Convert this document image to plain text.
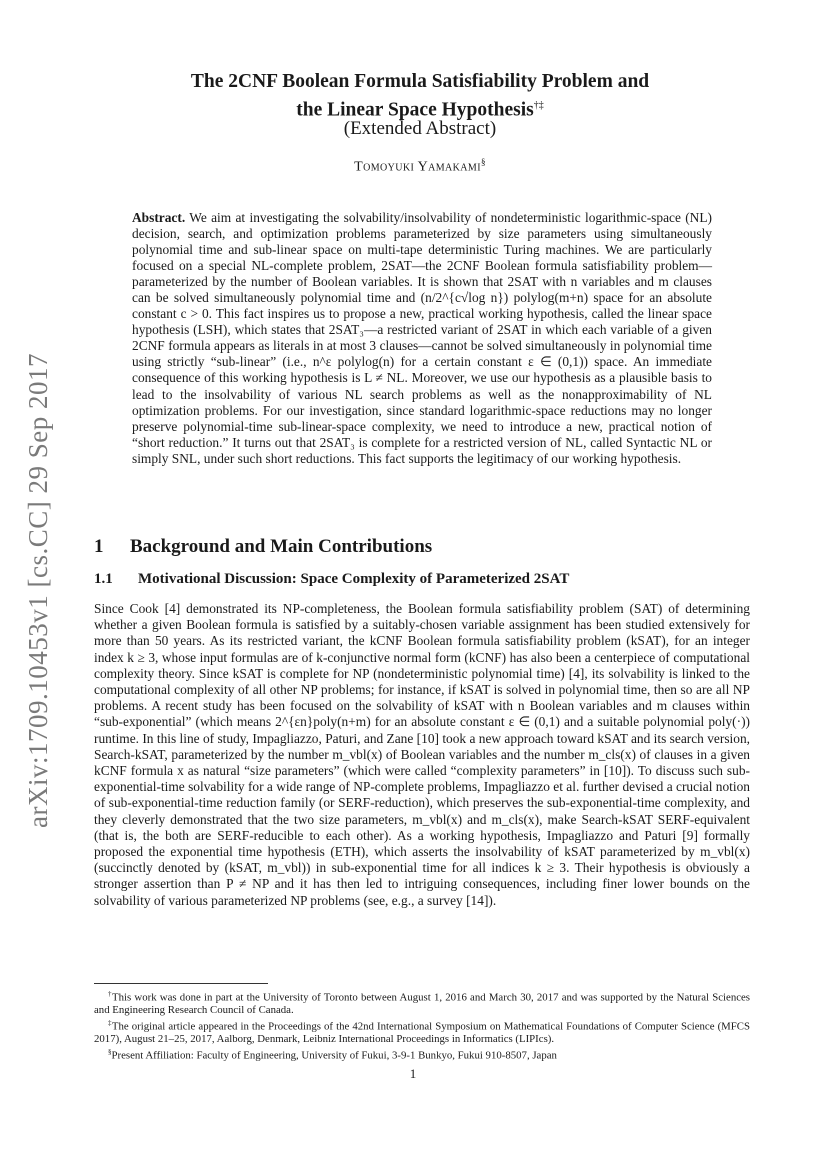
arXiv:1709.10453v1 [cs.CC] 29 Sep 2017
The 2CNF Boolean Formula Satisfiability Problem and
the Linear Space Hypothesis†‡
(Extended Abstract)
Tomoyuki Yamakami§
Abstract. We aim at investigating the solvability/insolvability of nondeterministic logarithmic-space (NL) decision, search, and optimization problems parameterized by size parameters using simultaneously polynomial time and sub-linear space on multi-tape deterministic Turing machines. We are particularly focused on a special NL-complete problem, 2SAT—the 2CNF Boolean formula satisfiability problem—parameterized by the number of Boolean variables. It is shown that 2SAT with n variables and m clauses can be solved simultaneously polynomial time and (n/2^{c√log n}) polylog(m+n) space for an absolute constant c > 0. This fact inspires us to propose a new, practical working hypothesis, called the linear space hypothesis (LSH), which states that 2SAT₃—a restricted variant of 2SAT in which each variable of a given 2CNF formula appears as literals in at most 3 clauses—cannot be solved simultaneously in polynomial time using strictly “sub-linear” (i.e., n^ε polylog(n) for a certain constant ε ∈ (0,1)) space. An immediate consequence of this working hypothesis is L ≠ NL. Moreover, we use our hypothesis as a plausible basis to lead to the insolvability of various NL search problems as well as the nonapproximability of NL optimization problems. For our investigation, since standard logarithmic-space reductions may no longer preserve polynomial-time sub-linear-space complexity, we need to introduce a new, practical notion of “short reduction.” It turns out that 2SAT₃ is complete for a restricted version of NL, called Syntactic NL or simply SNL, under such short reductions. This fact supports the legitimacy of our working hypothesis.
1 Background and Main Contributions
1.1 Motivational Discussion: Space Complexity of Parameterized 2SAT
Since Cook [4] demonstrated its NP-completeness, the Boolean formula satisfiability problem (SAT) of determining whether a given Boolean formula is satisfied by a suitably-chosen variable assignment has been studied extensively for more than 50 years. As its restricted variant, the kCNF Boolean formula satisfiability problem (kSAT), for an integer index k ≥ 3, whose input formulas are of k-conjunctive normal form (kCNF) has also been a centerpiece of computational complexity theory. Since kSAT is complete for NP (nondeterministic polynomial time) [4], its solvability is linked to the computational complexity of all other NP problems; for instance, if kSAT is solved in polynomial time, then so are all NP problems. A recent study has been focused on the solvability of kSAT with n Boolean variables and m clauses within “sub-exponential” (which means 2^{εn}poly(n+m) for an absolute constant ε ∈ (0,1) and a suitable polynomial poly(·)) runtime. In this line of study, Impagliazzo, Paturi, and Zane [10] took a new approach toward kSAT and its search version, Search-kSAT, parameterized by the number m_vbl(x) of Boolean variables and the number m_cls(x) of clauses in a given kCNF formula x as natural “size parameters” (which were called “complexity parameters” in [10]). To discuss such sub-exponential-time solvability for a wide range of NP-complete problems, Impagliazzo et al. further devised a crucial notion of sub-exponential-time reduction family (or SERF-reduction), which preserves the sub-exponential-time complexity, and they cleverly demonstrated that the two size parameters, m_vbl(x) and m_cls(x), make Search-kSAT SERF-equivalent (that is, the both are SERF-reducible to each other). As a working hypothesis, Impagliazzo and Paturi [9] formally proposed the exponential time hypothesis (ETH), which asserts the insolvability of kSAT parameterized by m_vbl(x) (succinctly denoted by (kSAT, m_vbl)) in sub-exponential time for all indices k ≥ 3. Their hypothesis is obviously a stronger assertion than P ≠ NP and it has then led to intriguing consequences, including finer lower bounds on the solvability of various parameterized NP problems (see, e.g., a survey [14]).

†This work was done in part at the University of Toronto between August 1, 2016 and March 30, 2017 and was supported by the Natural Sciences and Engineering Research Council of Canada.

‡The original article appeared in the Proceedings of the 42nd International Symposium on Mathematical Foundations of Computer Science (MFCS 2017), August 21–25, 2017, Aalborg, Denmark, Leibniz International Proceedings in Informatics (LIPIcs).

§Present Affiliation: Faculty of Engineering, University of Fukui, 3-9-1 Bunkyo, Fukui 910-8507, Japan

1
